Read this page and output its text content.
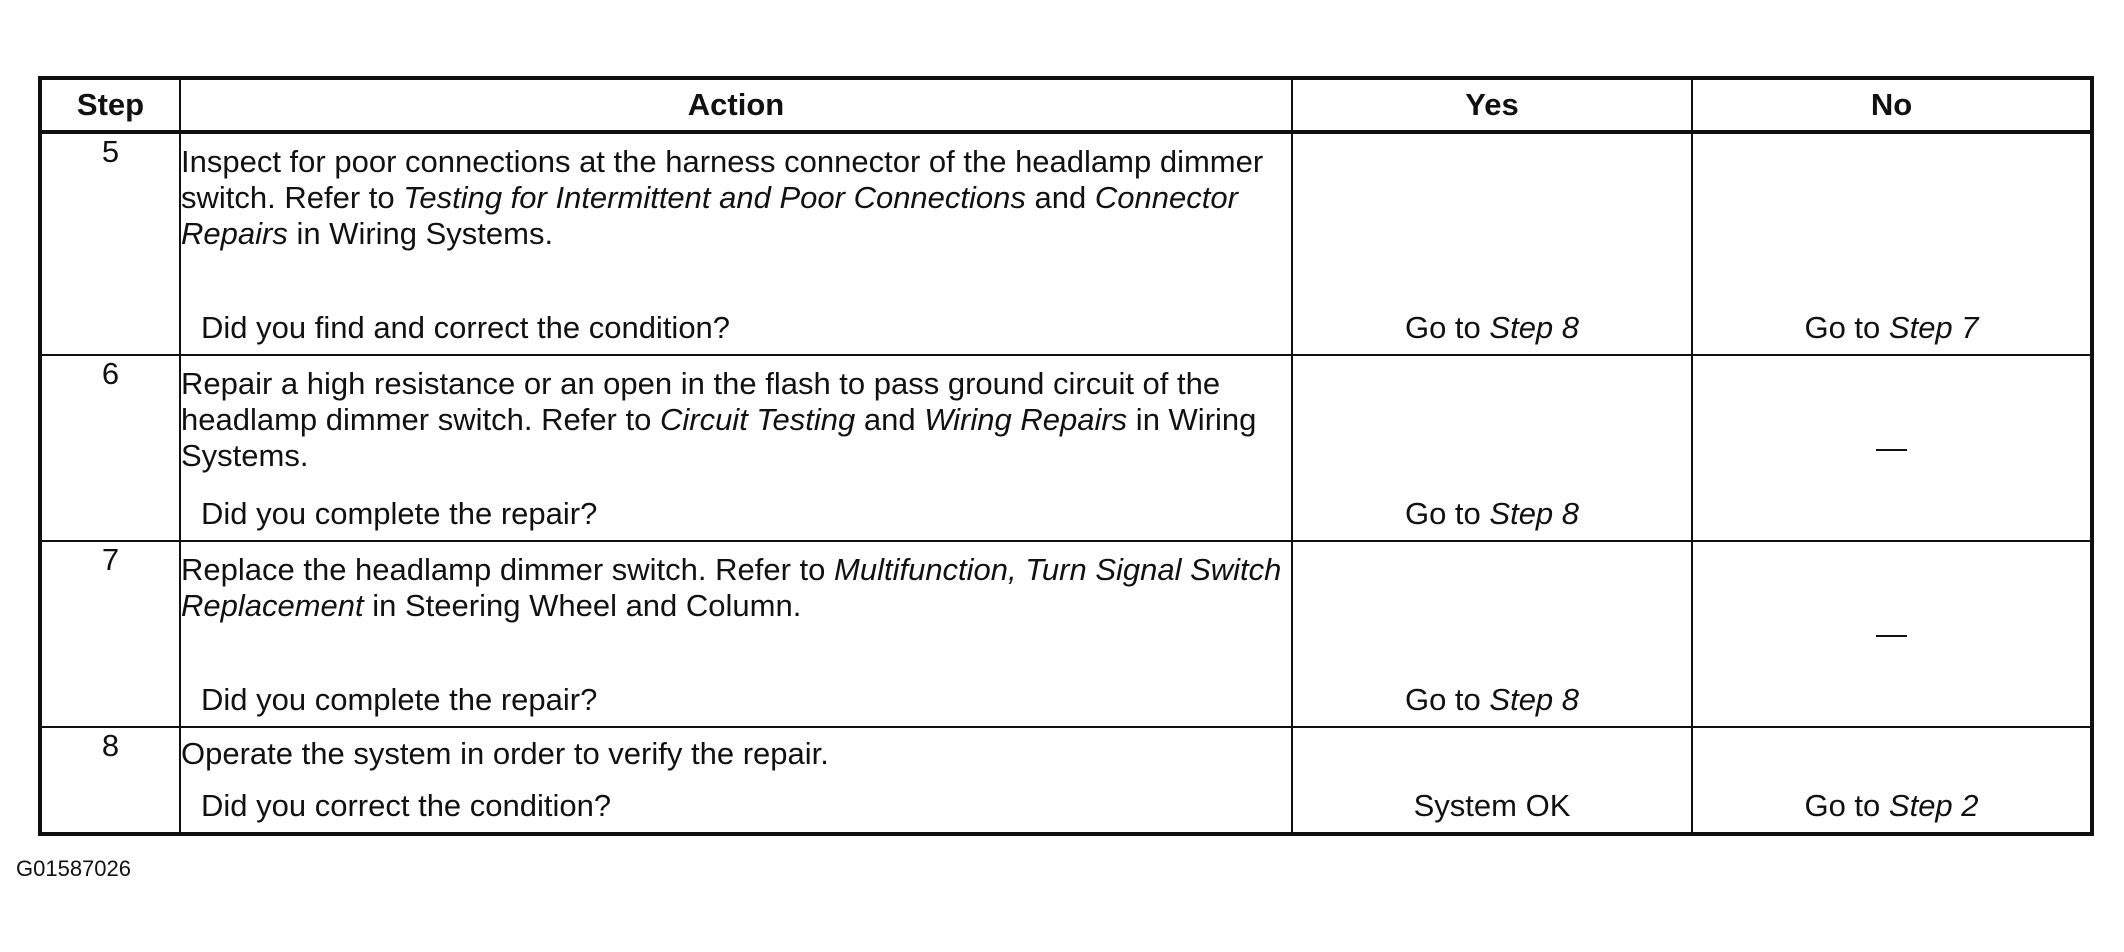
Step	Action	Yes	No
5	Inspect for poor connections at the harness connector of the headlamp dimmer switch. Refer to Testing for Intermittent and Poor Connections and Connector Repairs in Wiring Systems.
Did you find and correct the condition?	Go to Step 8	Go to Step 7

6	Repair a high resistance or an open in the flash to pass ground circuit of the headlamp dimmer switch. Refer to Circuit Testing and Wiring Repairs in Wiring Systems.
Did you complete the repair?	Go to Step 8	—

7	Replace the headlamp dimmer switch. Refer to Multifunction, Turn Signal Switch Replacement in Steering Wheel and Column.
Did you complete the repair?	Go to Step 8	—

8	Operate the system in order to verify the repair.
Did you correct the condition?	System OK	Go to Step 2
G01587026
